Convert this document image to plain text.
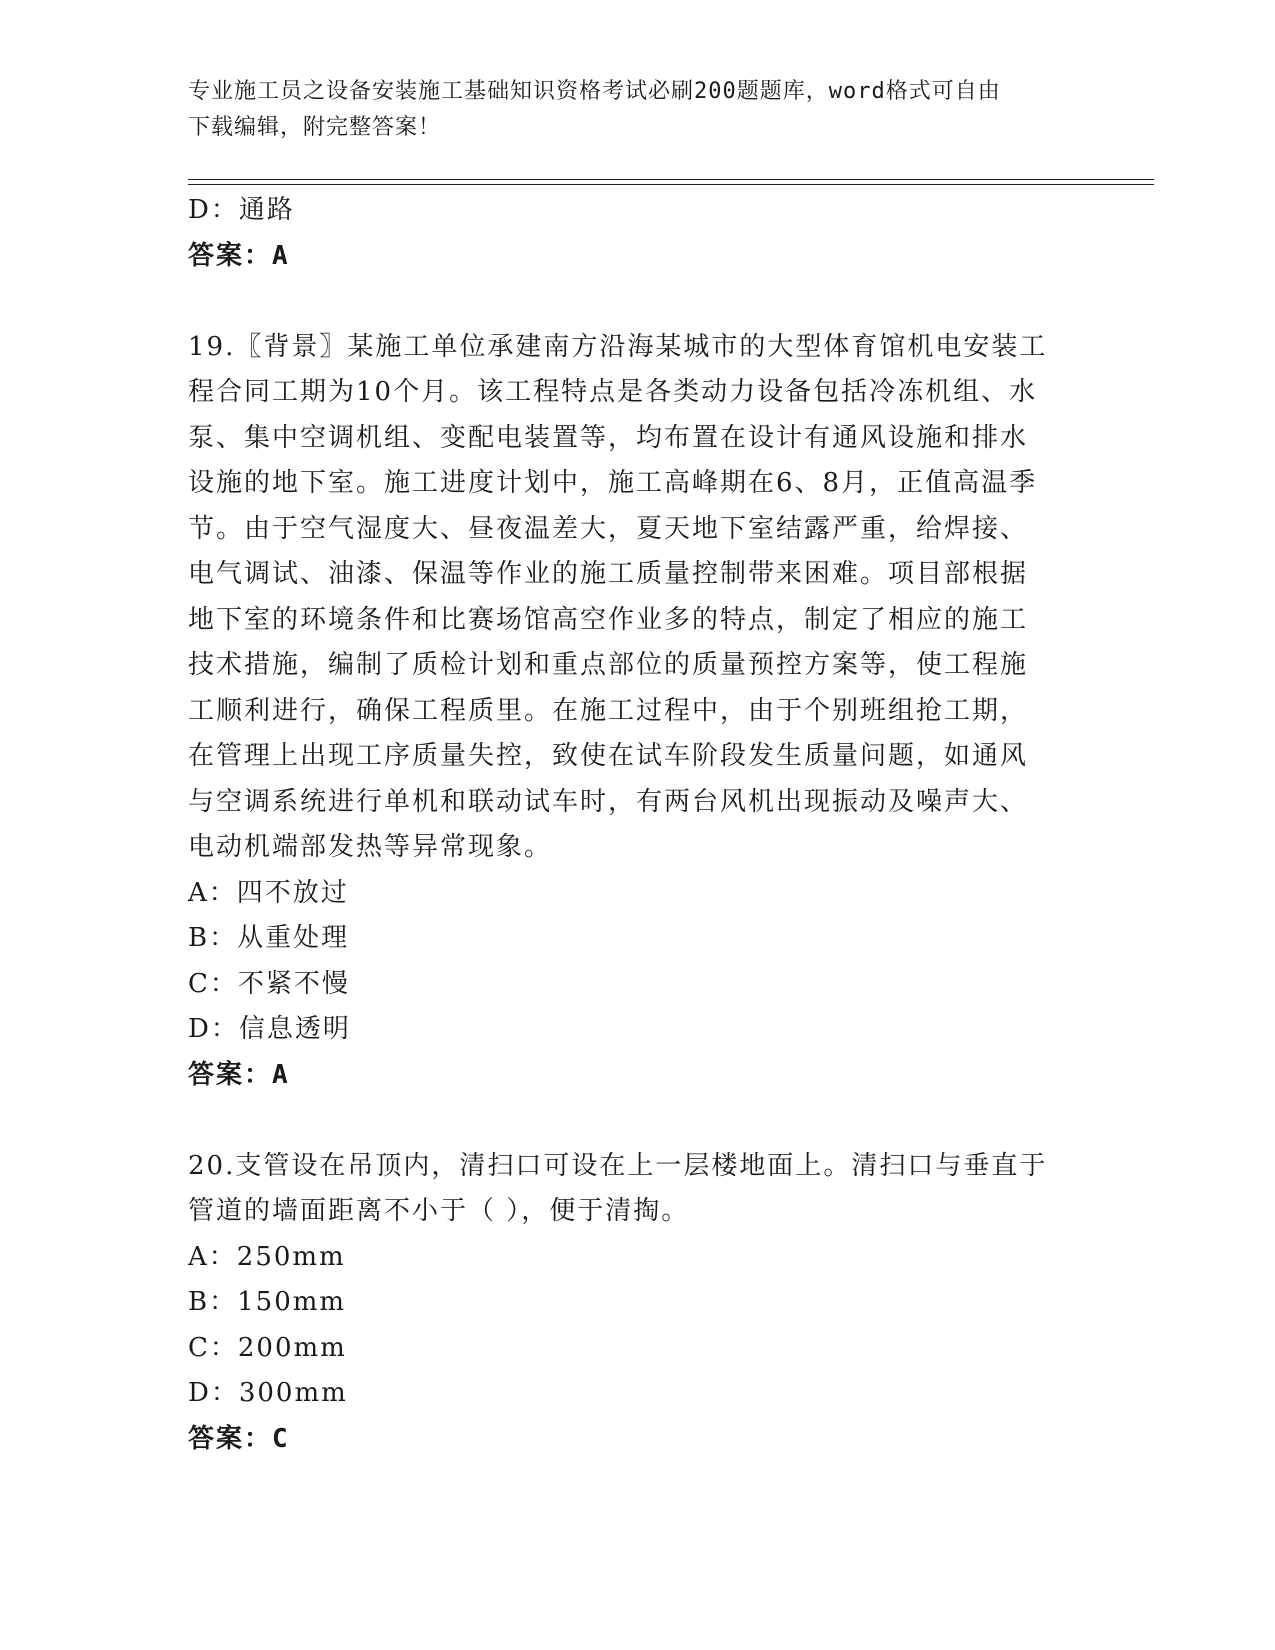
专业施工员之设备安装施工基础知识资格考试必刷200题题库，word格式可自由
下载编辑，附完整答案！

D：通路

答案：A

19.〖背景〗某施工单位承建南方沿海某城市的大型体育馆机电安装工

程合同工期为10个月。该工程特点是各类动力设备包括冷冻机组、水

泵、集中空调机组、变配电装置等，均布置在设计有通风设施和排水

设施的地下室。施工进度计划中，施工高峰期在6、8月，正值高温季

节。由于空气湿度大、昼夜温差大，夏天地下室结露严重，给焊接、

电气调试、油漆、保温等作业的施工质量控制带来困难。项目部根据

地下室的环境条件和比赛场馆高空作业多的特点，制定了相应的施工

技术措施，编制了质检计划和重点部位的质量预控方案等，使工程施

工顺利进行，确保工程质里。在施工过程中，由于个别班组抢工期，

在管理上出现工序质量失控，致使在试车阶段发生质量问题，如通风

与空调系统进行单机和联动试车时，有两台风机出现振动及噪声大、

电动机端部发热等异常现象。

A：四不放过

B：从重处理

C：不紧不慢

D：信息透明

答案：A

20.支管设在吊顶内，清扫口可设在上一层楼地面上。清扫口与垂直于

管道的墙面距离不小于（ ），便于清掏。

A：250mm

B：150mm

C：200mm

D：300mm

答案：C
